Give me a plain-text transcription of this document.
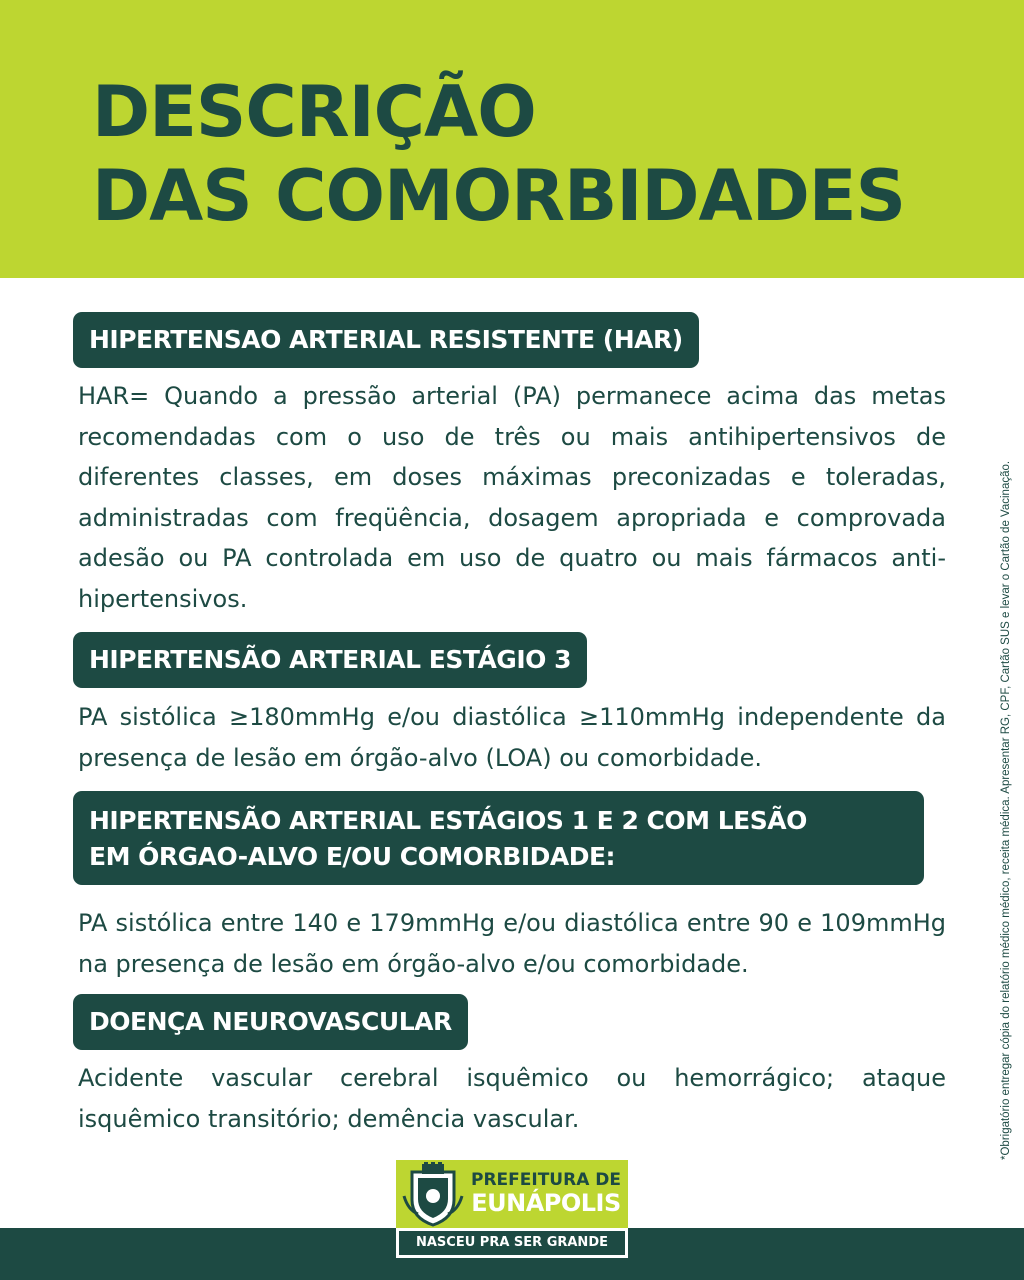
DESCRIÇÃO
DAS COMORBIDADES
HIPERTENSAO ARTERIAL RESISTENTE (HAR)

HAR= Quando a pressão arterial (PA) permanece acima das metas recomendadas com o uso de três ou mais antihipertensivos de diferentes classes, em doses máximas preconizadas e toleradas, administradas com freqüência, dosagem apropriada e comprovada adesão ou PA controlada em uso de quatro ou mais fármacos anti-hipertensivos.

HIPERTENSÃO ARTERIAL ESTÁGIO 3

PA sistólica ≥180mmHg e/ou diastólica ≥110mmHg independente da presença de lesão em órgão-alvo (LOA) ou comorbidade.

HIPERTENSÃO ARTERIAL ESTÁGIOS 1 E 2 COM LESÃO
EM ÓRGAO-ALVO E/OU COMORBIDADE:

PA sistólica entre 140 e 179mmHg e/ou diastólica entre 90 e 109mmHg na presença de lesão em órgão-alvo e/ou comorbidade.

DOENÇA NEUROVASCULAR

Acidente vascular cerebral isquêmico ou hemorrágico; ataque isquêmico transitório; demência vascular.	*Obrigatório entregar cópia do relatório médico médico, receita médica. Apresentar RG, CPF, Cartão SUS e levar o Cartão de Vacinação.
PREFEITURA DE
EUNÁPOLIS
NASCEU PRA SER GRANDE
